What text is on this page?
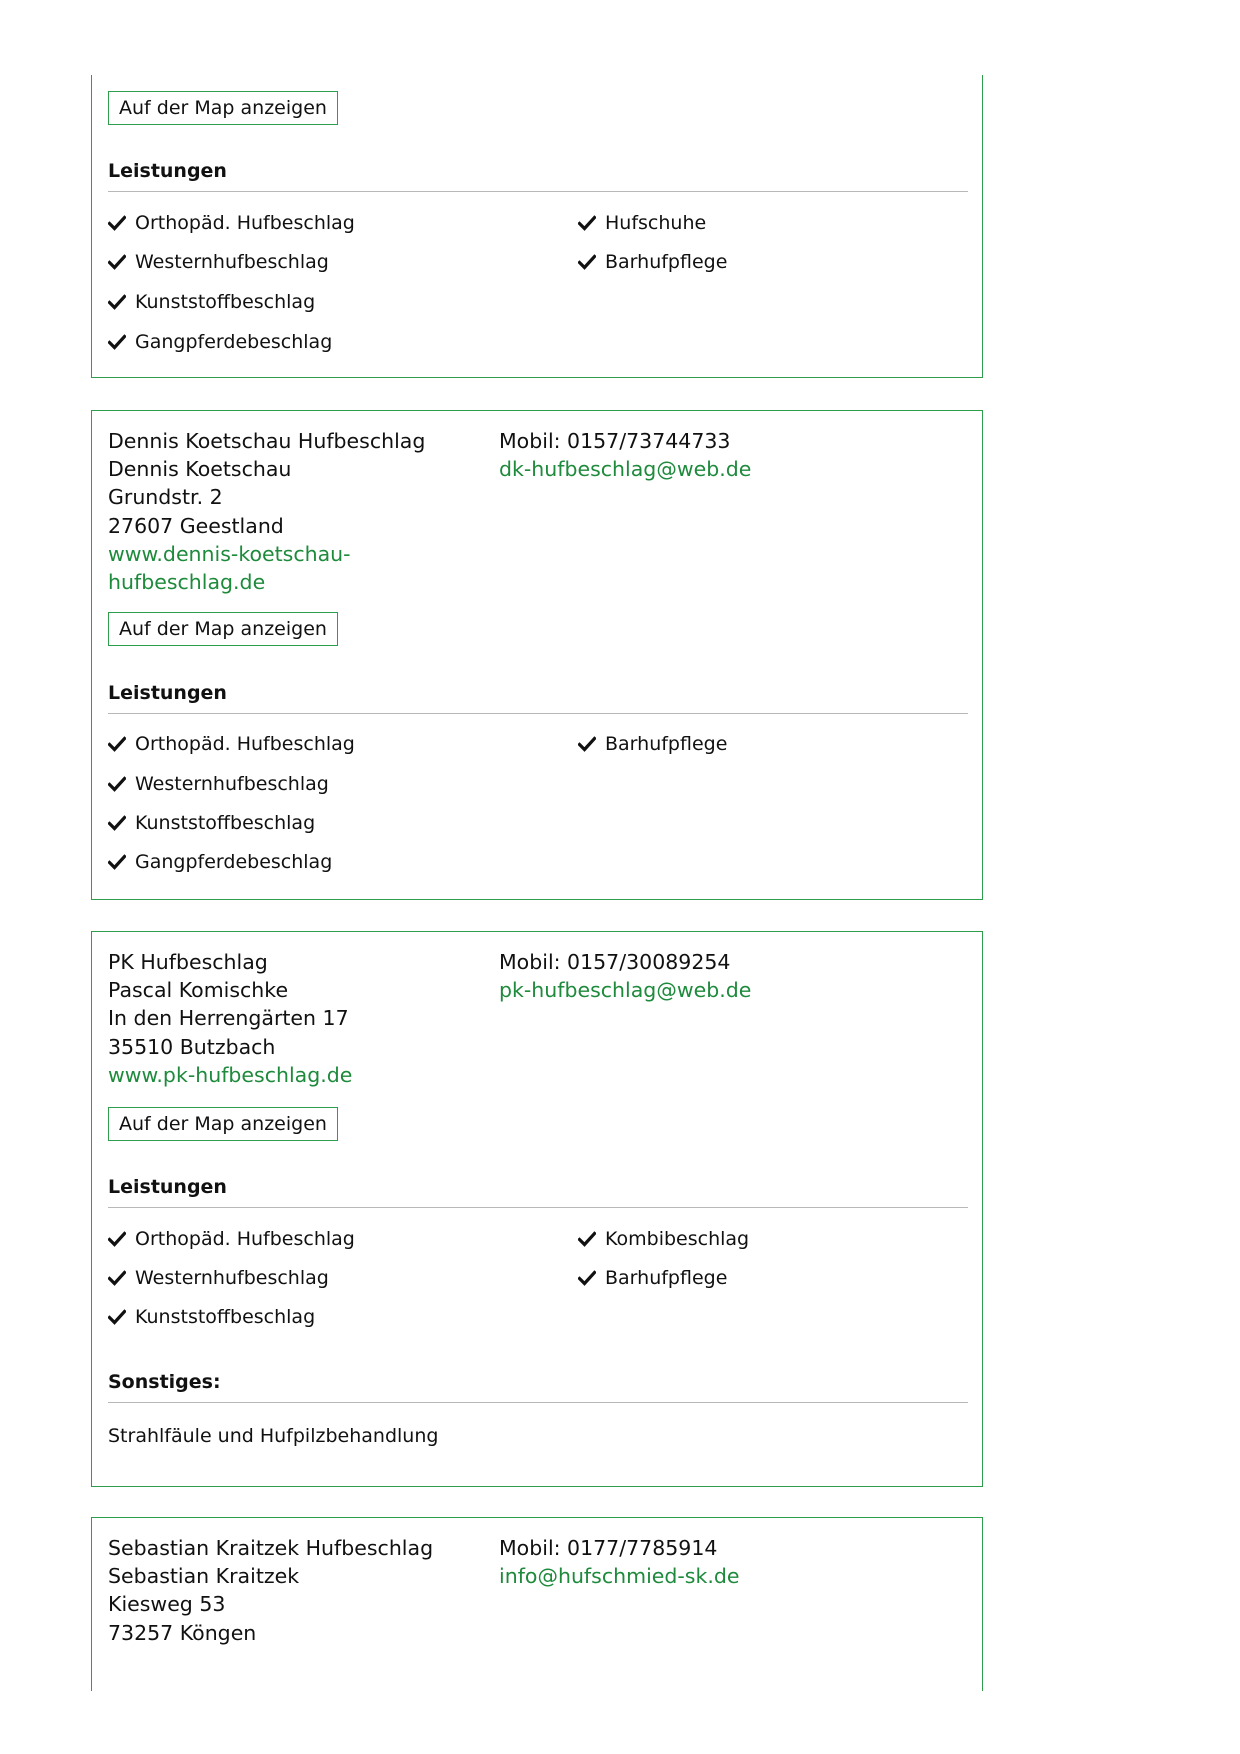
Auf der Map anzeigen
Leistungen
Orthopäd. Hufbeschlag
Westernhufbeschlag
Kunststoffbeschlag
Gangpferdebeschlag
Hufschuhe
Barhufpflege
Dennis Koetschau Hufbeschlag
Dennis Koetschau
Grundstr. 2
27607 Geestland
www.dennis-koetschau-
hufbeschlag.de
Mobil: 0157/73744733
dk-hufbeschlag@web.de
Auf der Map anzeigen
Leistungen
Orthopäd. Hufbeschlag
Westernhufbeschlag
Kunststoffbeschlag
Gangpferdebeschlag
Barhufpflege
PK Hufbeschlag
Pascal Komischke
In den Herrengärten 17
35510 Butzbach
www.pk-hufbeschlag.de
Mobil: 0157/30089254
pk-hufbeschlag@web.de
Auf der Map anzeigen
Leistungen
Orthopäd. Hufbeschlag
Westernhufbeschlag
Kunststoffbeschlag
Kombibeschlag
Barhufpflege
Sonstiges:
Strahlfäule und Hufpilzbehandlung
Sebastian Kraitzek Hufbeschlag
Sebastian Kraitzek
Kiesweg 53
73257 Köngen
Mobil: 0177/7785914
info@hufschmied-sk.de
